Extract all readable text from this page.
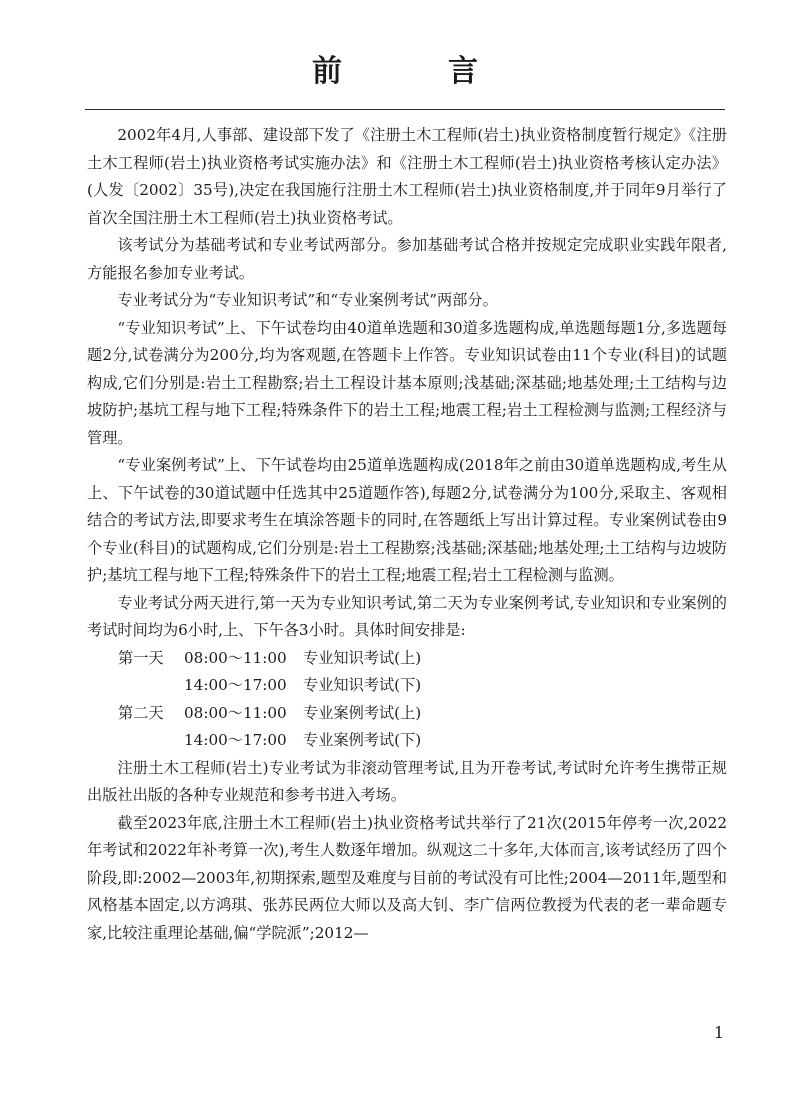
前　言

2002年4月,人事部、建设部下发了《注册土木工程师(岩土)执业资格制度暂行规定》《注册土木工程师(岩土)执业资格考试实施办法》和《注册土木工程师(岩土)执业资格考核认定办法》(人发〔2002〕35号),决定在我国施行注册土木工程师(岩土)执业资格制度,并于同年9月举行了首次全国注册土木工程师(岩土)执业资格考试。

该考试分为基础考试和专业考试两部分。参加基础考试合格并按规定完成职业实践年限者,方能报名参加专业考试。

专业考试分为“专业知识考试”和“专业案例考试”两部分。

“专业知识考试”上、下午试卷均由40道单选题和30道多选题构成,单选题每题1分,多选题每题2分,试卷满分为200分,均为客观题,在答题卡上作答。专业知识试卷由11个专业(科目)的试题构成,它们分别是:岩土工程勘察;岩土工程设计基本原则;浅基础;深基础;地基处理;土工结构与边坡防护;基坑工程与地下工程;特殊条件下的岩土工程;地震工程;岩土工程检测与监测;工程经济与管理。

“专业案例考试”上、下午试卷均由25道单选题构成(2018年之前由30道单选题构成,考生从上、下午试卷的30道试题中任选其中25道题作答),每题2分,试卷满分为100分,采取主、客观相结合的考试方法,即要求考生在填涂答题卡的同时,在答题纸上写出计算过程。专业案例试卷由9个专业(科目)的试题构成,它们分别是:岩土工程勘察;浅基础;深基础;地基处理;土工结构与边坡防护;基坑工程与地下工程;特殊条件下的岩土工程;地震工程;岩土工程检测与监测。

专业考试分两天进行,第一天为专业知识考试,第二天为专业案例考试,专业知识和专业案例的考试时间均为6小时,上、下午各3小时。具体时间安排是:

第一天	08:00～11:00	专业知识考试(上)
14:00～17:00	专业知识考试(下)
第二天	08:00～11:00	专业案例考试(上)
14:00～17:00	专业案例考试(下)

注册土木工程师(岩土)专业考试为非滚动管理考试,且为开卷考试,考试时允许考生携带正规出版社出版的各种专业规范和参考书进入考场。

截至2023年底,注册土木工程师(岩土)执业资格考试共举行了21次(2015年停考一次,2022年考试和2022年补考算一次),考生人数逐年增加。纵观这二十多年,大体而言,该考试经历了四个阶段,即:2002—2003年,初期探索,题型及难度与目前的考试没有可比性;2004—2011年,题型和风格基本固定,以方鸿琪、张苏民两位大师以及高大钊、李广信两位教授为代表的老一辈命题专家,比较注重理论基础,偏“学院派”;2012—

1
